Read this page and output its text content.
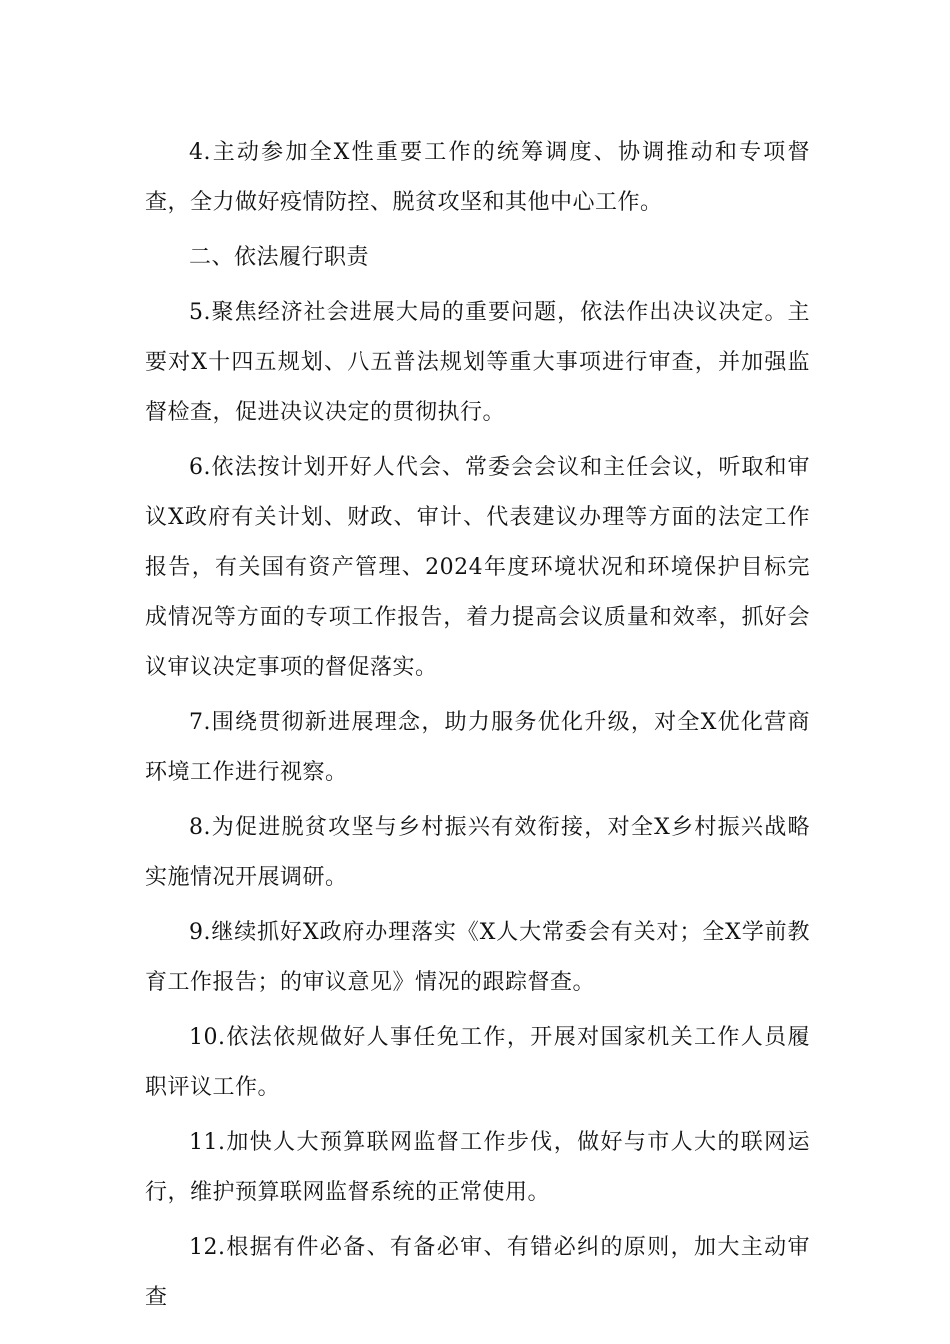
4.主动参加全X性重要工作的统筹调度、协调推动和专项督查，全力做好疫情防控、脱贫攻坚和其他中心工作。

二、依法履行职责

5.聚焦经济社会进展大局的重要问题，依法作出决议决定。主要对X十四五规划、八五普法规划等重大事项进行审查，并加强监督检查，促进决议决定的贯彻执行。

6.依法按计划开好人代会、常委会会议和主任会议，听取和审议X政府有关计划、财政、审计、代表建议办理等方面的法定工作报告，有关国有资产管理、2024年度环境状况和环境保护目标完成情况等方面的专项工作报告，着力提高会议质量和效率，抓好会议审议决定事项的督促落实。

7.围绕贯彻新进展理念，助力服务优化升级，对全X优化营商环境工作进行视察。

8.为促进脱贫攻坚与乡村振兴有效衔接，对全X乡村振兴战略实施情况开展调研。

9.继续抓好X政府办理落实《X人大常委会有关对；全X学前教育工作报告；的审议意见》情况的跟踪督查。

10.依法依规做好人事任免工作，开展对国家机关工作人员履职评议工作。

11.加快人大预算联网监督工作步伐，做好与市人大的联网运行，维护预算联网监督系统的正常使用。

12.根据有件必备、有备必审、有错必纠的原则，加大主动审查
